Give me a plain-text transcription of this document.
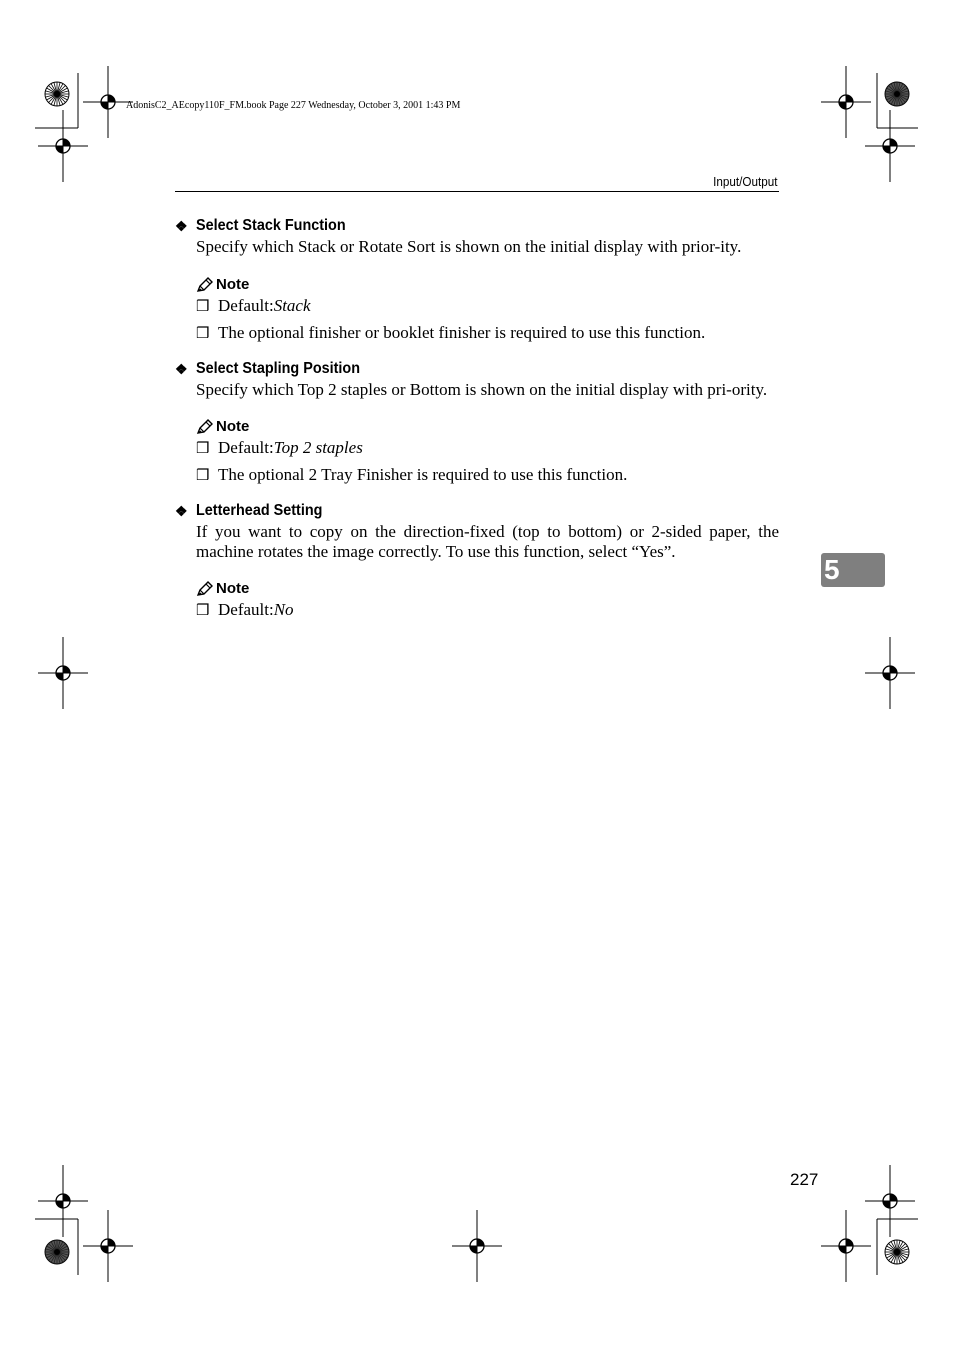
AdonisC2_AEcopy110F_FM.book Page 227 Wednesday, October 3, 2001 1:43 PM
Input/Output
❖ Select Stack Function
Specify which Stack or Rotate Sort is shown on the initial display with prior-ity.
Note
❒ Default: Stack
❒ The optional finisher or booklet finisher is required to use this function.
❖ Select Stapling Position
Specify which Top 2 staples or Bottom is shown on the initial display with pri-ority.
Note
❒ Default: Top 2 staples
❒ The optional 2 Tray Finisher is required to use this function.
❖ Letterhead Setting
If you want to copy on the direction-fixed (top to bottom) or 2-sided paper, the machine rotates the image correctly. To use this function, select “Yes”.
Note
❒ Default: No
5
227
